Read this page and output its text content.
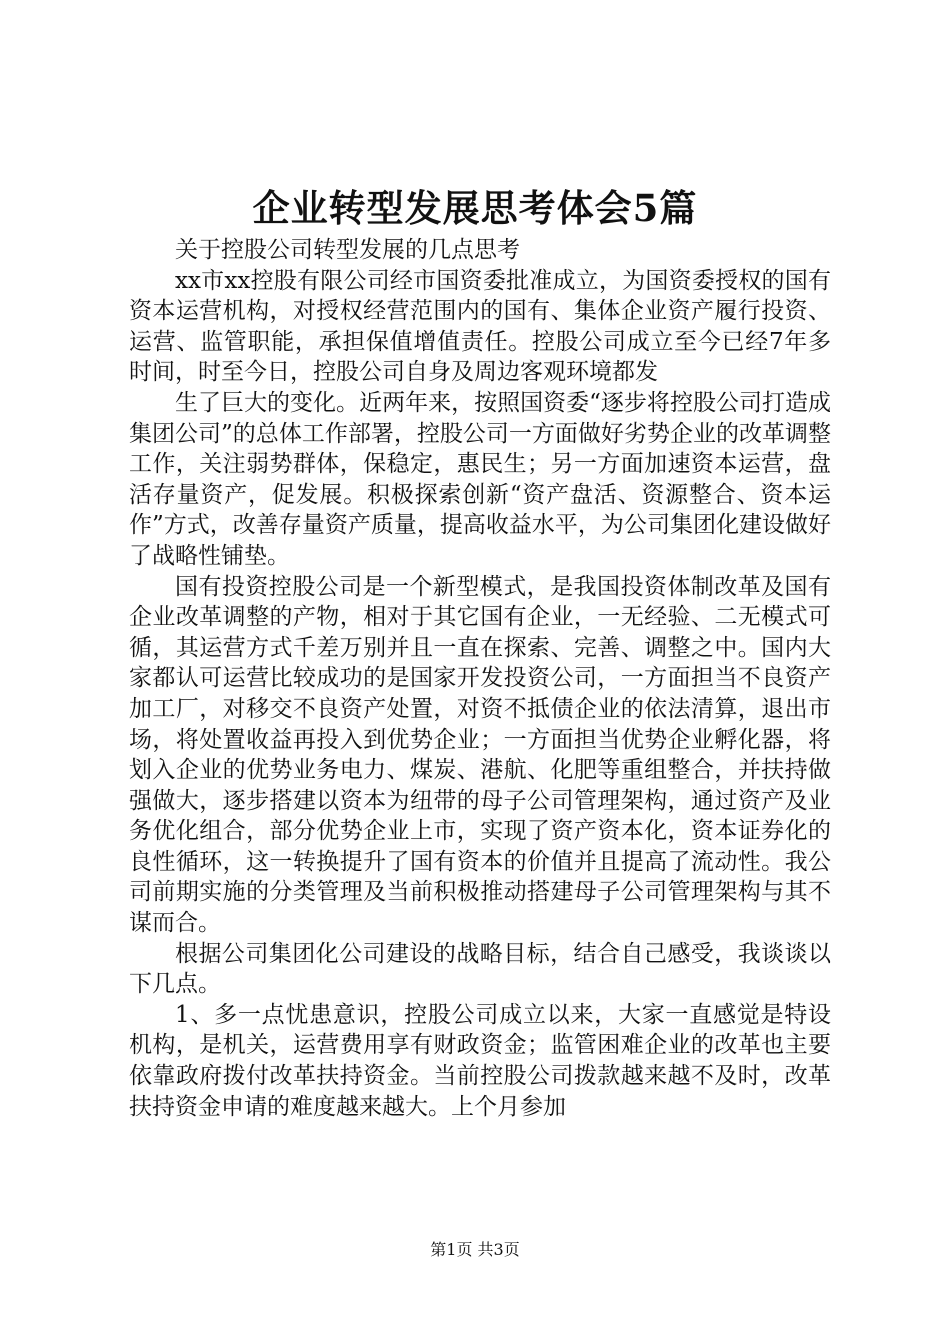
企业转型发展思考体会5篇

关于控股公司转型发展的几点思考

xx市xx控股有限公司经市国资委批准成立，为国资委授权的国有资本运营机构，对授权经营范围内的国有、集体企业资产履行投资、运营、监管职能，承担保值增值责任。控股公司成立至今已经7年多时间，时至今日，控股公司自身及周边客观环境都发

生了巨大的变化。近两年来，按照国资委“逐步将控股公司打造成集团公司”的总体工作部署，控股公司一方面做好劣势企业的改革调整工作，关注弱势群体，保稳定，惠民生；另一方面加速资本运营，盘活存量资产，促发展。积极探索创新“资产盘活、资源整合、资本运作”方式，改善存量资产质量，提高收益水平，为公司集团化建设做好了战略性铺垫。

国有投资控股公司是一个新型模式，是我国投资体制改革及国有企业改革调整的产物，相对于其它国有企业，一无经验、二无模式可循，其运营方式千差万别并且一直在探索、完善、调整之中。国内大家都认可运营比较成功的是国家开发投资公司，一方面担当不良资产加工厂，对移交不良资产处置，对资不抵债企业的依法清算，退出市场，将处置收益再投入到优势企业；一方面担当优势企业孵化器，将划入企业的优势业务电力、煤炭、港航、化肥等重组整合，并扶持做强做大，逐步搭建以资本为纽带的母子公司管理架构，通过资产及业务优化组合，部分优势企业上市，实现了资产资本化，资本证券化的良性循环，这一转换提升了国有资本的价值并且提高了流动性。我公司前期实施的分类管理及当前积极推动搭建母子公司管理架构与其不谋而合。

根据公司集团化公司建设的战略目标，结合自己感受，我谈谈以下几点。

1、多一点忧患意识，控股公司成立以来，大家一直感觉是特设机构，是机关，运营费用享有财政资金；监管困难企业的改革也主要依靠政府拨付改革扶持资金。当前控股公司拨款越来越不及时，改革扶持资金申请的难度越来越大。上个月参加

第1页 共3页
